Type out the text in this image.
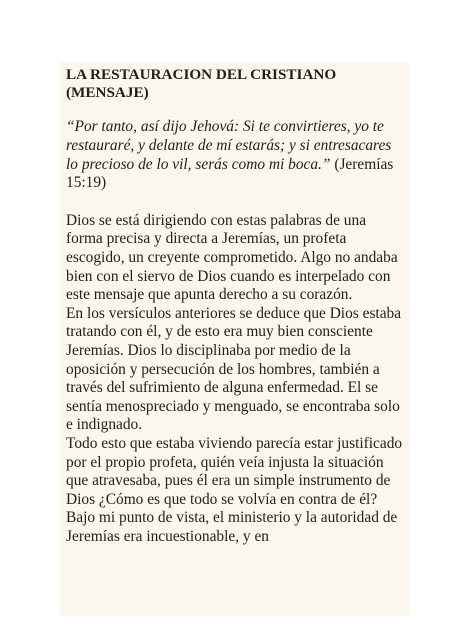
LA RESTAURACION DEL CRISTIANO
(MENSAJE)

“Por tanto, así dijo Jehová: Si te convirtieres, yo te restauraré, y delante de mí estarás; y si entresacares lo precioso de lo vil, serás como mi boca.” (Jeremías 15:19)

Dios se está dirigiendo con estas palabras de una forma precisa y directa a Jeremías, un profeta escogido, un creyente comprometido. Algo no andaba bien con el siervo de Dios cuando es interpelado con este mensaje que apunta derecho a su corazón.

En los versículos anteriores se deduce que Dios estaba tratando con él, y de esto era muy bien consciente Jeremías. Dios lo disciplinaba por medio de la oposición y persecución de los hombres, también a través del sufrimiento de alguna enfermedad. El se sentía menospreciado y menguado, se encontraba solo e indignado.

Todo esto que estaba viviendo parecía estar justificado por el propio profeta, quién veía injusta la situación que atravesaba, pues él era un simple instrumento de Dios ¿Cómo es que todo se volvía en contra de él?

Bajo mi punto de vista, el ministerio y la autoridad de Jeremías era incuestionable, y en
